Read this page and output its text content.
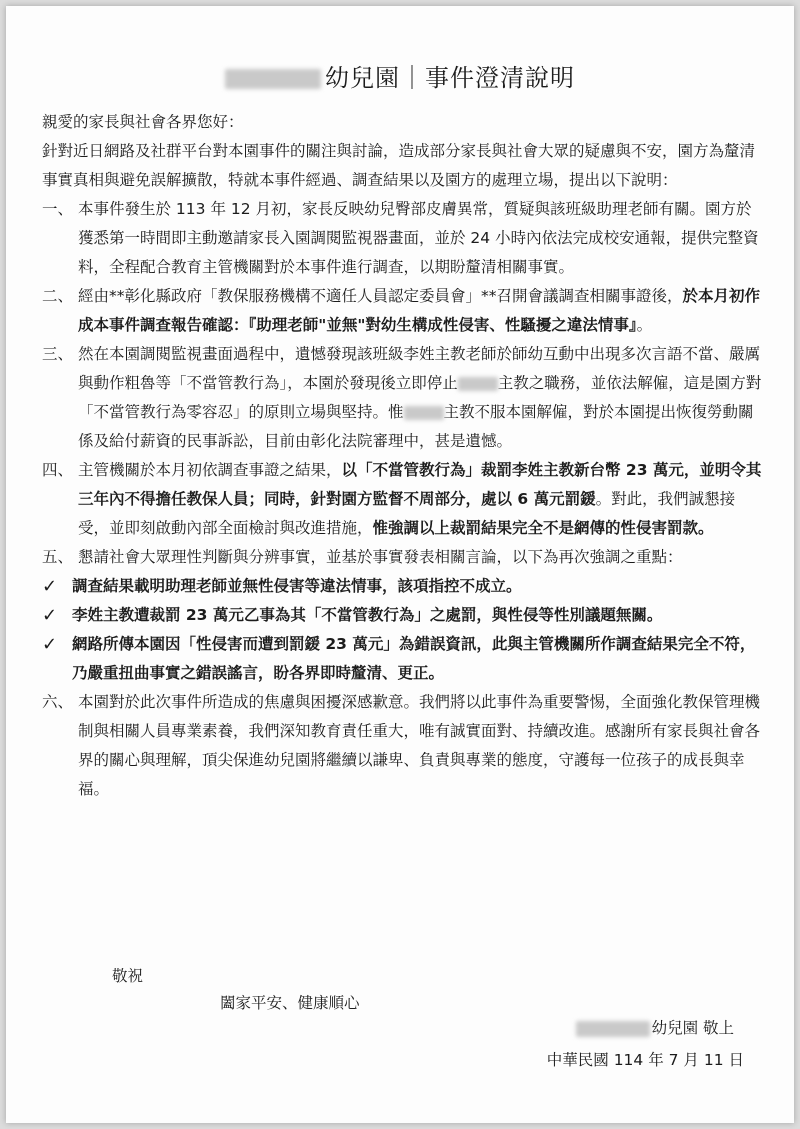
幼兒園｜事件澄清說明

親愛的家長與社會各界您好：

針對近日網路及社群平台對本園事件的關注與討論，造成部分家長與社會大眾的疑慮與不安，園方為釐清事實真相與避免誤解擴散，特就本事件經過、調查結果以及園方的處理立場，提出以下說明：

一、 本事件發生於 113 年 12 月初，家長反映幼兒臀部皮膚異常，質疑與該班級助理老師有關。園方於獲悉第一時間即主動邀請家長入園調閱監視器畫面，並於 24 小時內依法完成校安通報，提供完整資料，全程配合教育主管機關對於本事件進行調查，以期盼釐清相關事實。
二、 經由**彰化縣政府「教保服務機構不適任人員認定委員會」**召開會議調查相關事證後，於本月初作成本事件調查報告確認：『助理老師"並無"對幼生構成性侵害、性騷擾之違法情事』。
三、 然在本園調閱監視畫面過程中，遺憾發現該班級李姓主教老師於師幼互動中出現多次言語不當、嚴厲與動作粗魯等「不當管教行為」，本園於發現後立即停止	主教之職務，並依法解僱，這是園方對「不當管教行為零容忍」的原則立場與堅持。惟	主教不服本園解僱，對於本園提出恢復勞動關係及給付薪資的民事訴訟，目前由彰化法院審理中，甚是遺憾。
四、 主管機關於本月初依調查事證之結果，以「不當管教行為」裁罰李姓主教新台幣 23 萬元，並明令其三年內不得擔任教保人員；同時，針對園方監督不周部分，處以 6 萬元罰鍰。對此，我們誠懇接受，並即刻啟動內部全面檢討與改進措施，惟強調以上裁罰結果完全不是網傳的性侵害罰款。
五、 懇請社會大眾理性判斷與分辨事實，並基於事實發表相關言論，以下為再次強調之重點：
✓ 調查結果載明助理老師並無性侵害等違法情事，該項指控不成立。
✓ 李姓主教遭裁罰 23 萬元乙事為其「不當管教行為」之處罰，與性侵等性別議題無關。
✓ 網路所傳本園因「性侵害而遭到罰鍰 23 萬元」為錯誤資訊，此與主管機關所作調查結果完全不符，乃嚴重扭曲事實之錯誤謠言，盼各界即時釐清、更正。
六、 本園對於此次事件所造成的焦慮與困擾深感歉意。我們將以此事件為重要警惕，全面強化教保管理機制與相關人員專業素養，我們深知教育責任重大，唯有誠實面對、持續改進。感謝所有家長與社會各界的關心與理解，頂尖保進幼兒園將繼續以謙卑、負責與專業的態度，守護每一位孩子的成長與幸福。
敬祝
闔家平安、健康順心
幼兒園 敬上
中華民國 114 年 7 月 11 日
